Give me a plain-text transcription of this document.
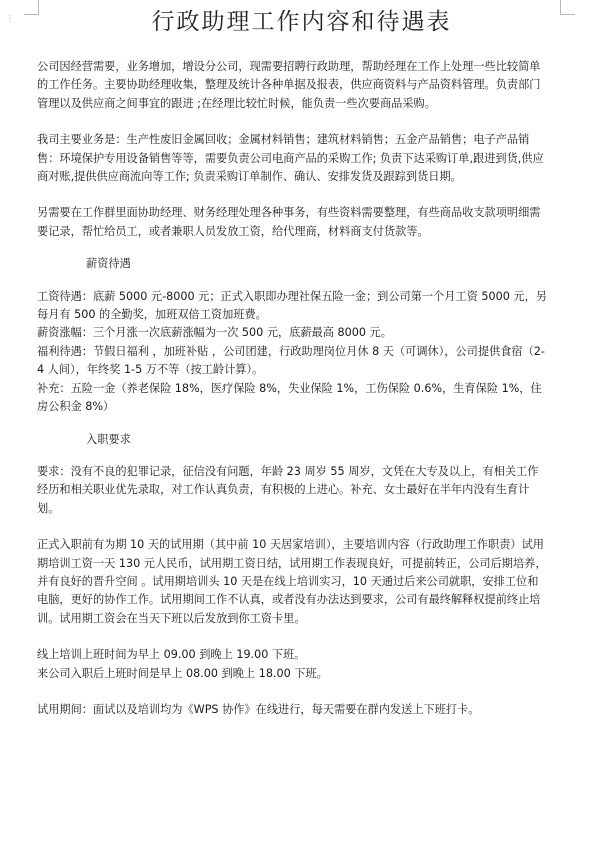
⋮	行政助理工作内容和待遇表

公司因经营需要，业务增加，增设分公司，现需要招聘行政助理，帮助经理在工作上处理一些比较简单的工作任务。主要协助经理收集，整理及统计各种单据及报表，供应商资料与产品资料管理。负责部门管理以及供应商之间事宜的跟进 ;在经理比较忙时候，能负责一些次要商品采购。

我司主要业务是：生产性废旧金属回收；金属材料销售；建筑材料销售；五金产品销售；电子产品销售：环境保护专用设备销售等等，需要负责公司电商产品的采购工作; 负责下达采购订单,跟进到货,供应商对账,提供供应商流向等工作; 负责采购订单制作、确认、安排发货及跟踪到货日期。

另需要在工作群里面协助经理、财务经理处理各种事务，有些资料需要整理，有些商品收支款项明细需要记录，帮忙给员工，或者兼职人员发放工资，给代理商，材料商支付货款等。

薪资待遇

工资待遇：底薪 5000 元-8000 元；正式入职即办理社保五险一金；到公司第一个月工资 5000 元，另每月有 500 的全勤奖，加班双倍工资加班费。

薪资涨幅：三个月涨一次底薪涨幅为一次 500 元，底薪最高 8000 元。

福利待遇：节假日福利 ，加班补贴 ，公司团建，行政助理岗位月休 8 天（可调休），公司提供食宿（2-4 人间），年终奖 1-5 万不等（按工龄计算）。

补充：五险一金（养老保险 18%，医疗保险 8%，失业保险 1%，工伤保险 0.6%，生育保险 1%，住房公积金 8%）

入职要求

要求：没有不良的犯罪记录，征信没有问题，年龄 23 周岁 55 周岁，文凭在大专及以上，有相关工作经历和相关职业优先录取，对工作认真负责，有积极的上进心。补充、女士最好在半年内没有生育计划。

正式入职前有为期 10 天的试用期（其中前 10 天居家培训），主要培训内容（行政助理工作职责）试用期培训工资一天 130 元人民币，试用期工资日结，试用期工作表现良好，可提前转正，公司后期培养，并有良好的晋升空间 。试用期培训头 10 天是在线上培训实习，10 天通过后来公司就职，安排工位和电脑，更好的协作工作。试用期间工作不认真，或者没有办法达到要求，公司有最终解释权提前终止培训。试用期工资会在当天下班以后发放到你工资卡里。

线上培训上班时间为早上 09.00 到晚上 19.00 下班。

来公司入职后上班时间是早上 08.00 到晚上 18.00 下班。

试用期间：面试以及培训均为《WPS 协作》在线进行，每天需要在群内发送上下班打卡。
